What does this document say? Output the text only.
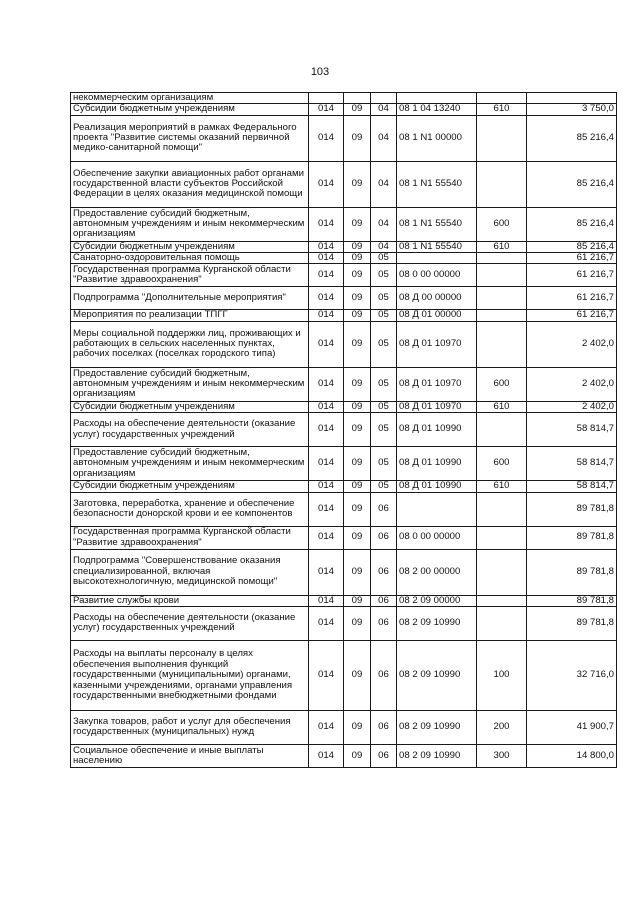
103
некоммерческим организациям						
Субсидии бюджетным учреждениям	014	09	04	08 1 04 13240	610	3 750,0
Реализация мероприятий в рамках Федерального проекта "Развитие системы оказаний первичной медико-санитарной помощи"	014	09	04	08 1 N1 00000		85 216,4
Обеспечение закупки авиационных работ органами государственной власти субъектов Российской Федерации в целях оказания медицинской помощи	014	09	04	08 1 N1 55540		85 216,4
Предоставление субсидий бюджетным, автономным учреждениям и иным некоммерческим организациям	014	09	04	08 1 N1 55540	600	85 216,4
Субсидии бюджетным учреждениям	014	09	04	08 1 N1 55540	610	85 216,4
Санаторно-оздоровительная помощь	014	09	05			61 216,7
Государственная программа Курганской области "Развитие здравоохранения"	014	09	05	08 0 00 00000		61 216,7
Подпрограмма "Дополнительные мероприятия"	014	09	05	08 Д 00 00000		61 216,7
Мероприятия по реализации ТПГГ	014	09	05	08 Д 01 00000		61 216,7
Меры социальной поддержки лиц, проживающих и работающих в сельских населенных пунктах, рабочих поселках (поселках городского типа)	014	09	05	08 Д 01 10970		2 402,0
Предоставление субсидий бюджетным, автономным учреждениям и иным некоммерческим организациям	014	09	05	08 Д 01 10970	600	2 402,0
Субсидии бюджетным учреждениям	014	09	05	08 Д 01 10970	610	2 402,0
Расходы на обеспечение деятельности (оказание услуг) государственных учреждений	014	09	05	08 Д 01 10990		58 814,7
Предоставление субсидий бюджетным, автономным учреждениям и иным некоммерческим организациям	014	09	05	08 Д 01 10990	600	58 814,7
Субсидии бюджетным учреждениям	014	09	05	08 Д 01 10990	610	58 814,7
Заготовка, переработка, хранение и обеспечение безопасности донорской крови и ее компонентов	014	09	06			89 781,8
Государственная программа Курганской области "Развитие здравоохранения"	014	09	06	08 0 00 00000		89 781,8
Подпрограмма "Совершенствование оказания специализированной, включая высокотехнологичную, медицинской помощи"	014	09	06	08 2 00 00000		89 781,8
Развитие службы крови	014	09	06	08 2 09 00000		89 781,8
Расходы на обеспечение деятельности (оказание услуг) государственных учреждений	014	09	06	08 2 09 10990		89 781,8
Расходы на выплаты персоналу в целях обеспечения выполнения функций государственными (муниципальными) органами, казенными учреждениями, органами управления государственными внебюджетными фондами	014	09	06	08 2 09 10990	100	32 716,0
Закупка товаров, работ и услуг для обеспечения государственных (муниципальных) нужд	014	09	06	08 2 09 10990	200	41 900,7
Социальное обеспечение и иные выплаты населению	014	09	06	08 2 09 10990	300	14 800,0
